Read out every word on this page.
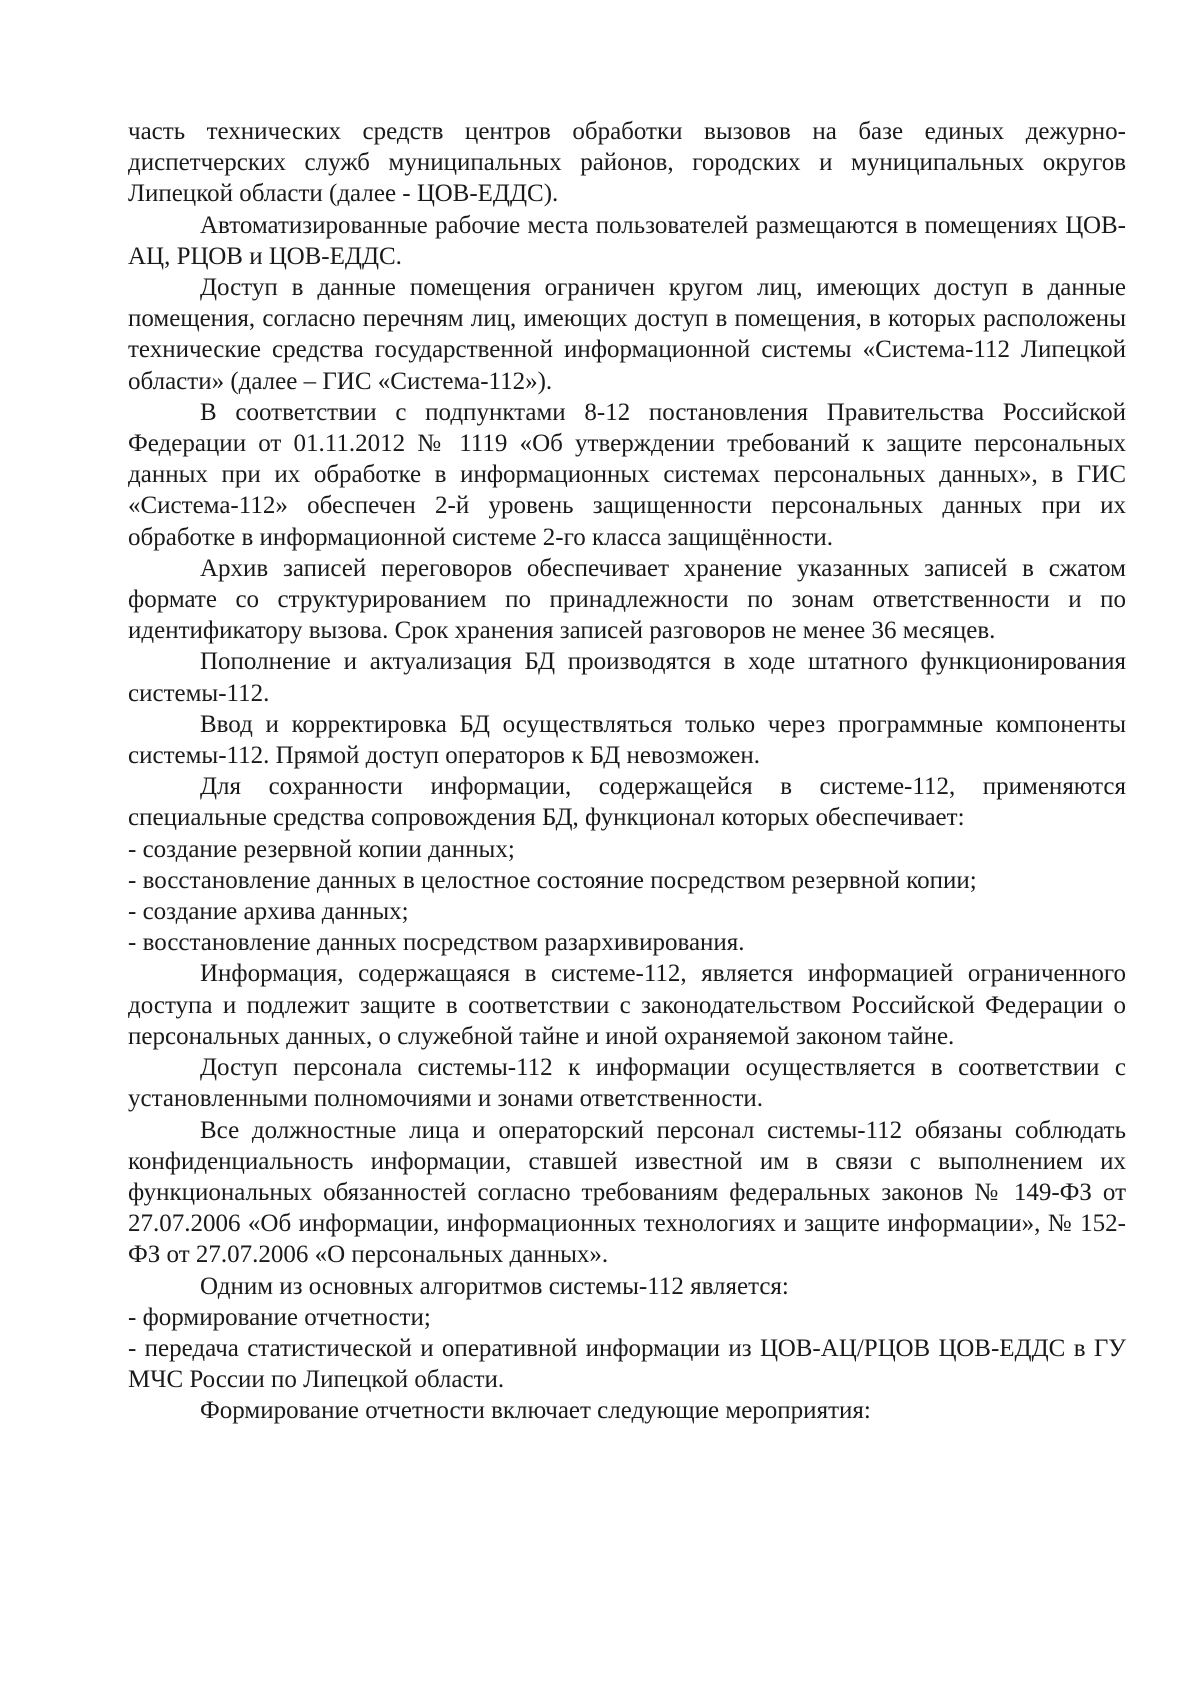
часть технических средств центров обработки вызовов на базе единых дежурно-диспетчерских служб муниципальных районов, городских и муниципальных округов Липецкой области (далее - ЦОВ-ЕДДС).

Автоматизированные рабочие места пользователей размещаются в помещениях ЦОВ-АЦ, РЦОВ и ЦОВ-ЕДДС.

Доступ в данные помещения ограничен кругом лиц, имеющих доступ в данные помещения, согласно перечням лиц, имеющих доступ в помещения, в которых расположены технические средства государственной информационной системы «Система-112 Липецкой области» (далее – ГИС «Система-112»).

В соответствии с подпунктами 8-12 постановления Правительства Российской Федерации от 01.11.2012 № 1119 «Об утверждении требований к защите персональных данных при их обработке в информационных системах персональных данных», в ГИС «Система-112» обеспечен 2-й уровень защищенности персональных данных при их обработке в информационной системе 2-го класса защищённости.

Архив записей переговоров обеспечивает хранение указанных записей в сжатом формате со структурированием по принадлежности по зонам ответственности и по идентификатору вызова. Срок хранения записей разговоров не менее 36 месяцев.

Пополнение и актуализация БД производятся в ходе штатного функционирования системы-112.

Ввод и корректировка БД осуществляться только через программные компоненты системы-112. Прямой доступ операторов к БД невозможен.

Для сохранности информации, содержащейся в системе-112, применяются специальные средства сопровождения БД, функционал которых обеспечивает:

- создание резервной копии данных;

- восстановление данных в целостное состояние посредством резервной копии;

- создание архива данных;

- восстановление данных посредством разархивирования.

Информация, содержащаяся в системе-112, является информацией ограниченного доступа и подлежит защите в соответствии с законодательством Российской Федерации о персональных данных, о служебной тайне и иной охраняемой законом тайне.

Доступ персонала системы-112 к информации осуществляется в соответствии с установленными полномочиями и зонами ответственности.

Все должностные лица и операторский персонал системы-112 обязаны соблюдать конфиденциальность информации, ставшей известной им в связи с выполнением их функциональных обязанностей согласно требованиям федеральных законов № 149-ФЗ от 27.07.2006 «Об информации, информационных технологиях и защите информации», № 152-ФЗ от 27.07.2006 «О персональных данных».

Одним из основных алгоритмов системы-112 является:

- формирование отчетности;

- передача статистической и оперативной информации из ЦОВ-АЦ/РЦОВ ЦОВ-ЕДДС в ГУ МЧС России по Липецкой области.

Формирование отчетности включает следующие мероприятия:
